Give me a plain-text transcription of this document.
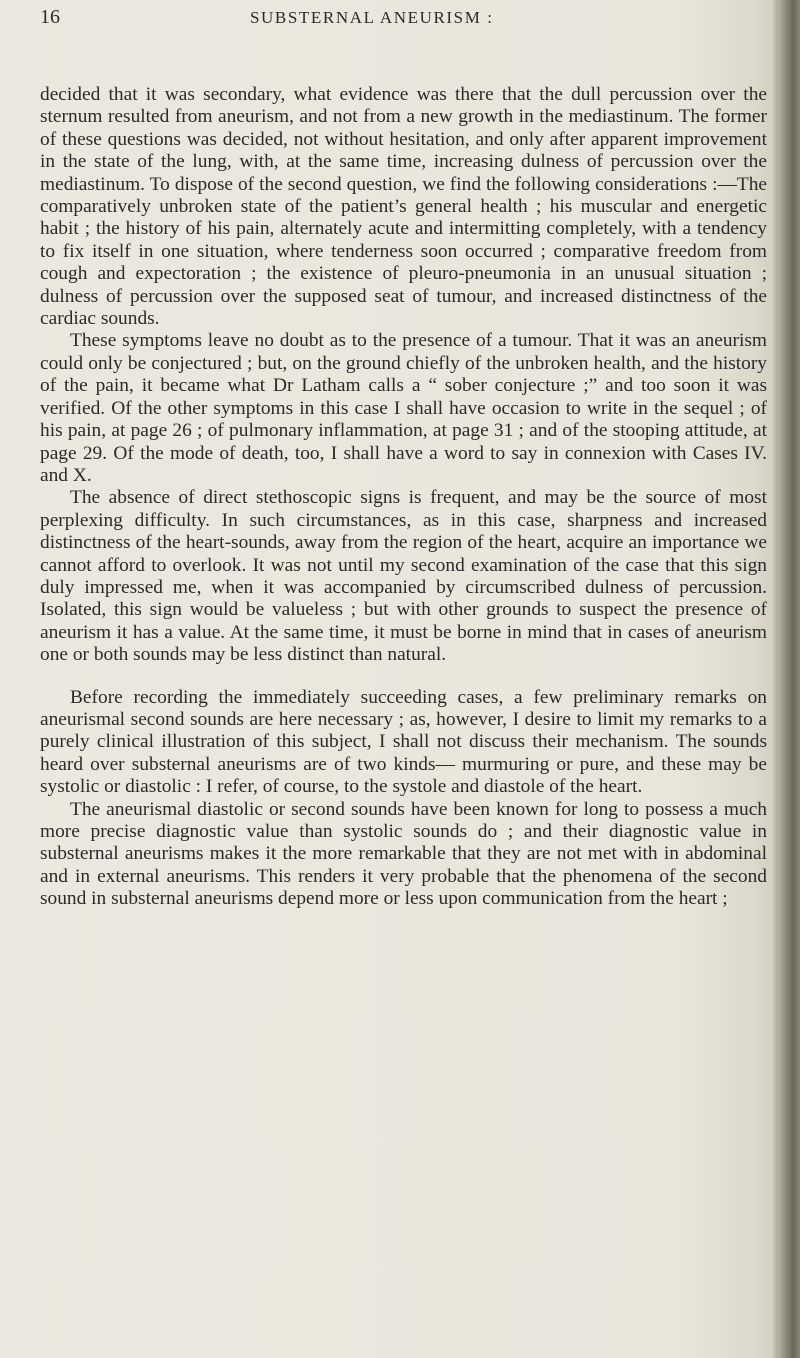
16	SUBSTERNAL ANEURISM :

decided that it was secondary, what evidence was there that the dull percussion over the sternum resulted from aneurism, and not from a new growth in the mediastinum. The former of these questions was decided, not without hesitation, and only after apparent improvement in the state of the lung, with, at the same time, increasing dulness of percussion over the mediastinum. To dispose of the second question, we find the following considerations :—The comparatively unbroken state of the patient’s general health ; his muscular and energetic habit ; the history of his pain, alternately acute and intermitting completely, with a tendency to fix itself in one situation, where tenderness soon occurred ; comparative freedom from cough and expectoration ; the existence of pleuro-pneumonia in an unusual situation ; dulness of percussion over the supposed seat of tumour, and increased distinctness of the cardiac sounds.

These symptoms leave no doubt as to the presence of a tumour. That it was an aneurism could only be conjectured ; but, on the ground chiefly of the unbroken health, and the history of the pain, it became what Dr Latham calls a “ sober conjecture ;” and too soon it was verified. Of the other symptoms in this case I shall have occasion to write in the sequel ; of his pain, at page 26 ; of pulmonary inflammation, at page 31 ; and of the stooping attitude, at page 29. Of the mode of death, too, I shall have a word to say in connexion with Cases IV. and X.

The absence of direct stethoscopic signs is frequent, and may be the source of most perplexing difficulty. In such circumstances, as in this case, sharpness and increased distinctness of the heart-sounds, away from the region of the heart, acquire an importance we cannot afford to overlook. It was not until my second examination of the case that this sign duly impressed me, when it was accompanied by circumscribed dulness of percussion. Isolated, this sign would be valueless ; but with other grounds to suspect the presence of aneurism it has a value. At the same time, it must be borne in mind that in cases of aneurism one or both sounds may be less distinct than natural.

Before recording the immediately succeeding cases, a few preliminary remarks on aneurismal second sounds are here necessary ; as, however, I desire to limit my remarks to a purely clinical illustration of this subject, I shall not discuss their mechanism. The sounds heard over substernal aneurisms are of two kinds— murmuring or pure, and these may be systolic or diastolic : I refer, of course, to the systole and diastole of the heart.

The aneurismal diastolic or second sounds have been known for long to possess a much more precise diagnostic value than systolic sounds do ; and their diagnostic value in substernal aneurisms makes it the more remarkable that they are not met with in abdominal and in external aneurisms. This renders it very probable that the phenomena of the second sound in substernal aneurisms depend more or less upon communication from the heart ;
